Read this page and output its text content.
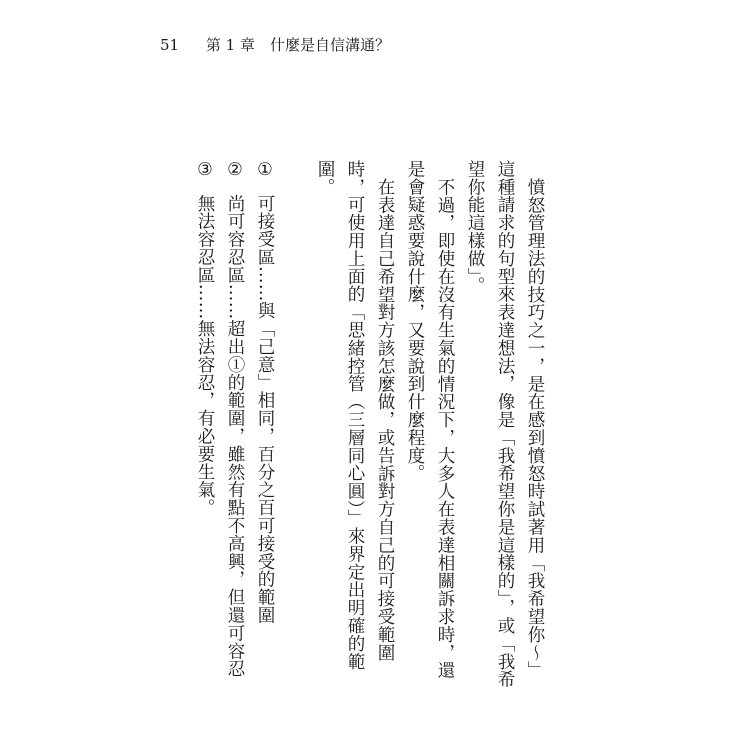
51 第 1 章　什麼是自信溝通？

憤怒管理法的技巧之一，是在感到憤怒時試著用「我希望你～」這種請求的句型來表達想法，像是「我希望你是這樣的」，或「我希望你能這樣做」。

不過，即使在沒有生氣的情況下，大多人在表達相關訴求時，還是會疑惑要說什麼，又要說到什麼程度。

在表達自己希望對方該怎麼做，或告訴對方自己的可接受範圍時，可使用上面的「思緒控管（三層同心圓）」來界定出明確的範圍。

①可接受區……與「己意」相同，百分之百可接受的範圍

②尚可容忍區……超出①的範圍，雖然有點不高興，但還可容忍

③無法容忍區……無法容忍，有必要生氣。
